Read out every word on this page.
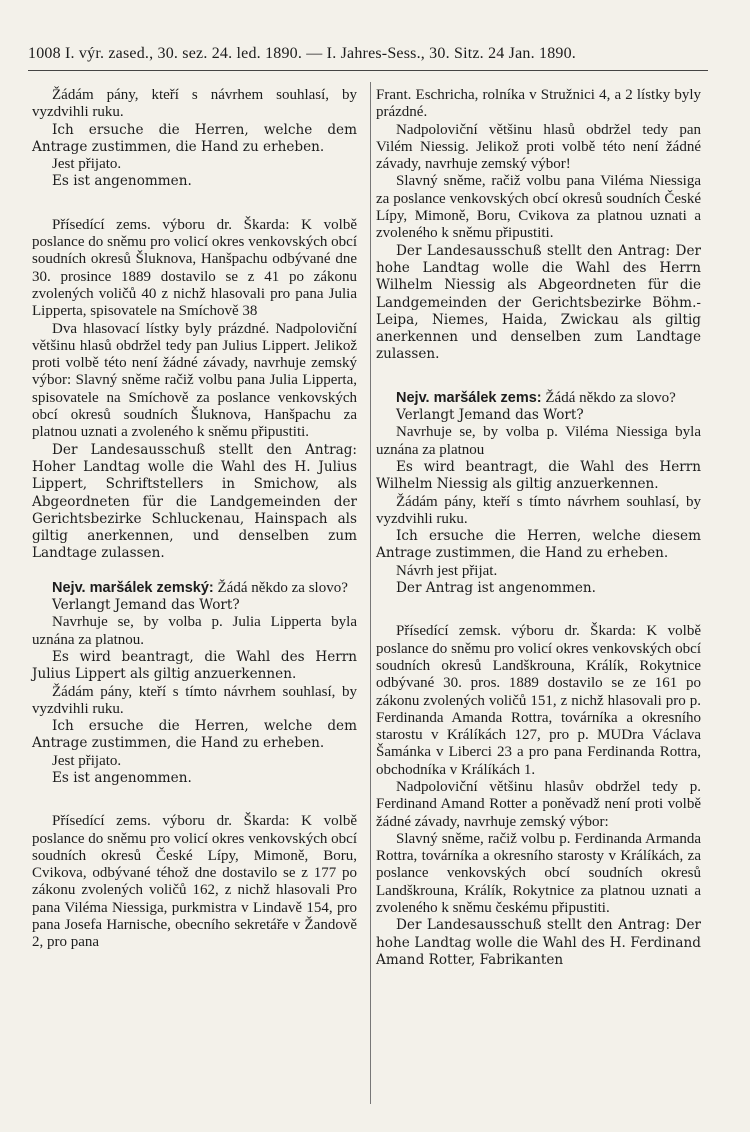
1008 I. výr. zased., 30. sez. 24. led. 1890. — I. Jahres-Sess., 30. Sitz. 24 Jan. 1890.

Žádám pány, kteří s návrhem souhlasí, by vyzdvihli ruku.

Ich ersuche die Herren, welche dem Antrage zustimmen, die Hand zu erheben.

Jest přijato.

Es ist angenommen.

Přísedící zems. výboru dr. Škarda: K volbě poslance do sněmu pro volicí okres venkovských obcí soudních okresů Šluknova, Hanšpachu odbývané dne 30. prosince 1889 dostavilo se z 41 po zákonu zvolených voličů 40 z nichž hlasovali pro pana Julia Lipperta, spisovatele na Smíchově 38

Dva hlasovací lístky byly prázdné. Nadpoloviční většinu hlasů obdržel tedy pan Julius Lippert. Jelikož proti volbě této není žádné závady, navrhuje zemský výbor: Slavný sněme račiž volbu pana Julia Lipperta, spisovatele na Smíchově za poslance venkovských obcí okresů soudních Šluknova, Hanšpachu za platnou uznati a zvoleného k sněmu připustiti.

Der Landesausschuß stellt den Antrag: Hoher Landtag wolle die Wahl des H. Julius Lippert, Schriftstellers in Smichow, als Abgeordneten für die Landgemeinden der Gerichtsbezirke Schluckenau, Hainspach als giltig anerkennen, und denselben zum Landtage zulassen.

Nejv. maršálek zemský: Žádá někdo za slovo?

Verlangt Jemand das Wort?

Navrhuje se, by volba p. Julia Lipperta byla uznána za platnou.

Es wird beantragt, die Wahl des Herrn Julius Lippert als giltig anzuerkennen.

Žádám pány, kteří s tímto návrhem souhlasí, by vyzdvihli ruku.

Ich ersuche die Herren, welche dem Antrage zustimmen, die Hand zu erheben.

Jest přijato.

Es ist angenommen.

Přísedící zems. výboru dr. Škarda: K volbě poslance do sněmu pro volicí okres venkovských obcí soudních okresů České Lípy, Mimoně, Boru, Cvikova, odbývané téhož dne dostavilo se z 177 po zákonu zvolených voličů 162, z nichž hlasovali Pro pana Viléma Niessiga, purkmistra v Lindavě 154, pro pana Josefa Harnische, obecního sekretáře v Žandově 2, pro pana

Frant. Eschricha, rolníka v Stružnici 4, a 2 lístky byly prázdné.

Nadpoloviční většinu hlasů obdržel tedy pan Vilém Niessig. Jelikož proti volbě této není žádné závady, navrhuje zemský výbor!

Slavný sněme, račiž volbu pana Viléma Niessiga za poslance venkovských obcí okresů soudních České Lípy, Mimoně, Boru, Cvikova za platnou uznati a zvoleného k sněmu připustiti.

Der Landesausschuß stellt den Antrag: Der hohe Landtag wolle die Wahl des Herrn Wilhelm Niessig als Abgeordneten für die Landgemeinden der Gerichtsbezirke Böhm.-Leipa, Niemes, Haida, Zwickau als giltig anerkennen und denselben zum Landtage zulassen.

Nejv. maršálek zems: Žádá někdo za slovo?

Verlangt Jemand das Wort?

Navrhuje se, by volba p. Viléma Niessiga byla uznána za platnou

Es wird beantragt, die Wahl des Herrn Wilhelm Niessig als giltig anzuerkennen.

Žádám pány, kteří s tímto návrhem souhlasí, by vyzdvihli ruku.

Ich ersuche die Herren, welche diesem Antrage zustimmen, die Hand zu erheben.

Návrh jest přijat.

Der Antrag ist angenommen.

Přísedící zemsk. výboru dr. Škarda: K volbě poslance do sněmu pro volicí okres venkovských obcí soudních okresů Landškrouna, Králík, Rokytnice odbývané 30. pros. 1889 dostavilo se ze 161 po zákonu zvolených voličů 151, z nichž hlasovali pro p. Ferdinanda Amanda Rottra, továrníka a okresního starostu v Králíkách 127, pro p. MUDra Václava Šamánka v Liberci 23 a pro pana Ferdinanda Rottra, obchodníka v Králíkách 1.

Nadpoloviční většinu hlasův obdržel tedy p. Ferdinand Amand Rotter a poněvadž není proti volbě žádné závady, navrhuje zemský výbor:

Slavný sněme, račiž volbu p. Ferdinanda Armanda Rottra, továrníka a okresního starosty v Králíkách, za poslance venkovských obcí soudních okresů Landškrouna, Králík, Rokytnice za platnou uznati a zvoleného k sněmu českému připustiti.

Der Landesausschuß stellt den Antrag: Der hohe Landtag wolle die Wahl des H. Ferdinand Amand Rotter, Fabrikanten
